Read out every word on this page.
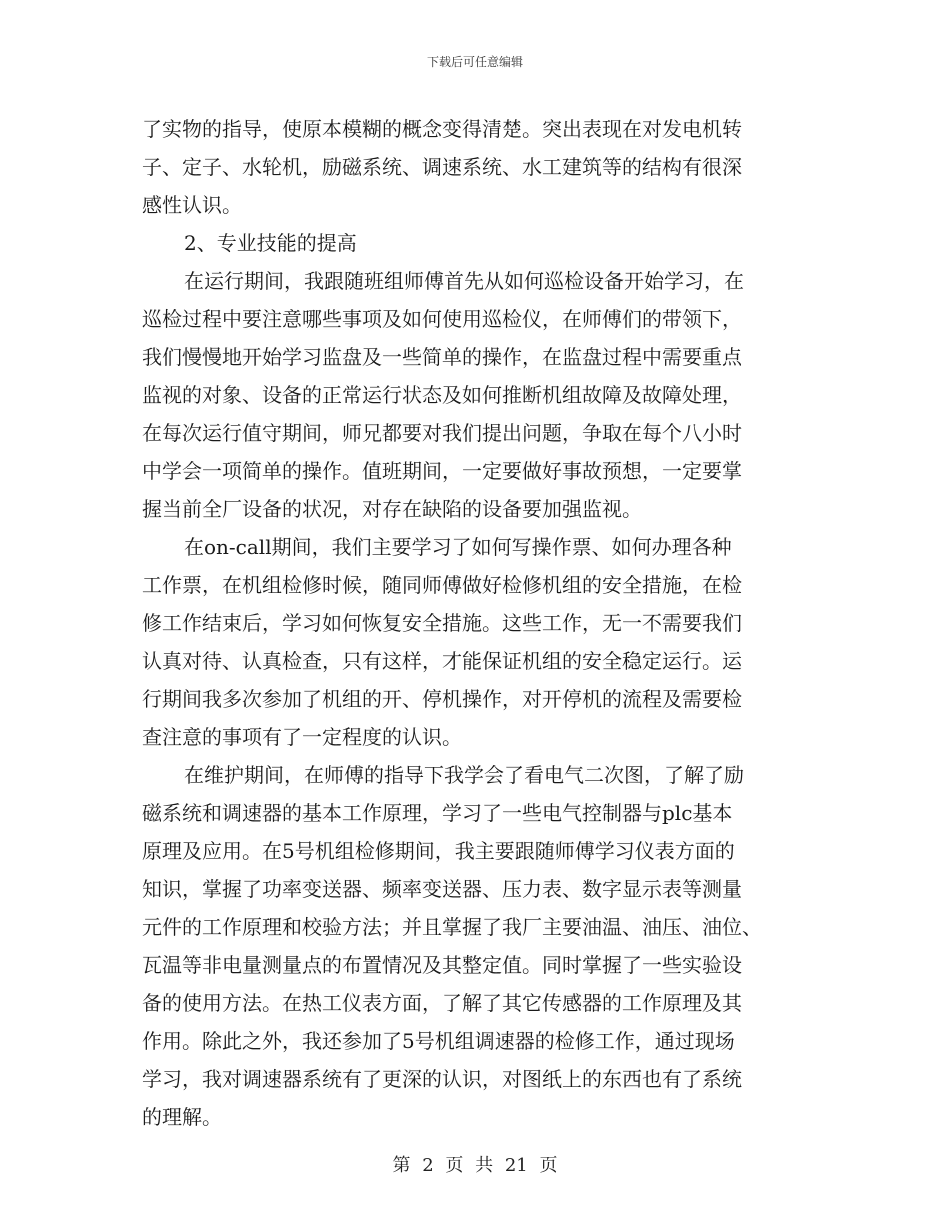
下载后可任意编辑
了实物的指导，使原本模糊的概念变得清楚。突出表现在对发电机转
子、定子、水轮机，励磁系统、调速系统、水工建筑等的结构有很深
感性认识。
2、专业技能的提高
在运行期间，我跟随班组师傅首先从如何巡检设备开始学习，在
巡检过程中要注意哪些事项及如何使用巡检仪，在师傅们的带领下，
我们慢慢地开始学习监盘及一些简单的操作，在监盘过程中需要重点
监视的对象、设备的正常运行状态及如何推断机组故障及故障处理，
在每次运行值守期间，师兄都要对我们提出问题，争取在每个八小时
中学会一项简单的操作。值班期间，一定要做好事故预想，一定要掌
握当前全厂设备的状况，对存在缺陷的设备要加强监视。
在on-call期间，我们主要学习了如何写操作票、如何办理各种
工作票，在机组检修时候，随同师傅做好检修机组的安全措施，在检
修工作结束后，学习如何恢复安全措施。这些工作，无一不需要我们
认真对待、认真检查，只有这样，才能保证机组的安全稳定运行。运
行期间我多次参加了机组的开、停机操作，对开停机的流程及需要检
查注意的事项有了一定程度的认识。
在维护期间，在师傅的指导下我学会了看电气二次图，了解了励
磁系统和调速器的基本工作原理，学习了一些电气控制器与plc基本
原理及应用。在5号机组检修期间，我主要跟随师傅学习仪表方面的
知识，掌握了功率变送器、频率变送器、压力表、数字显示表等测量
元件的工作原理和校验方法；并且掌握了我厂主要油温、油压、油位、
瓦温等非电量测量点的布置情况及其整定值。同时掌握了一些实验设
备的使用方法。在热工仪表方面，了解了其它传感器的工作原理及其
作用。除此之外，我还参加了5号机组调速器的检修工作，通过现场
学习，我对调速器系统有了更深的认识，对图纸上的东西也有了系统
的理解。
第 2 页 共 21 页
